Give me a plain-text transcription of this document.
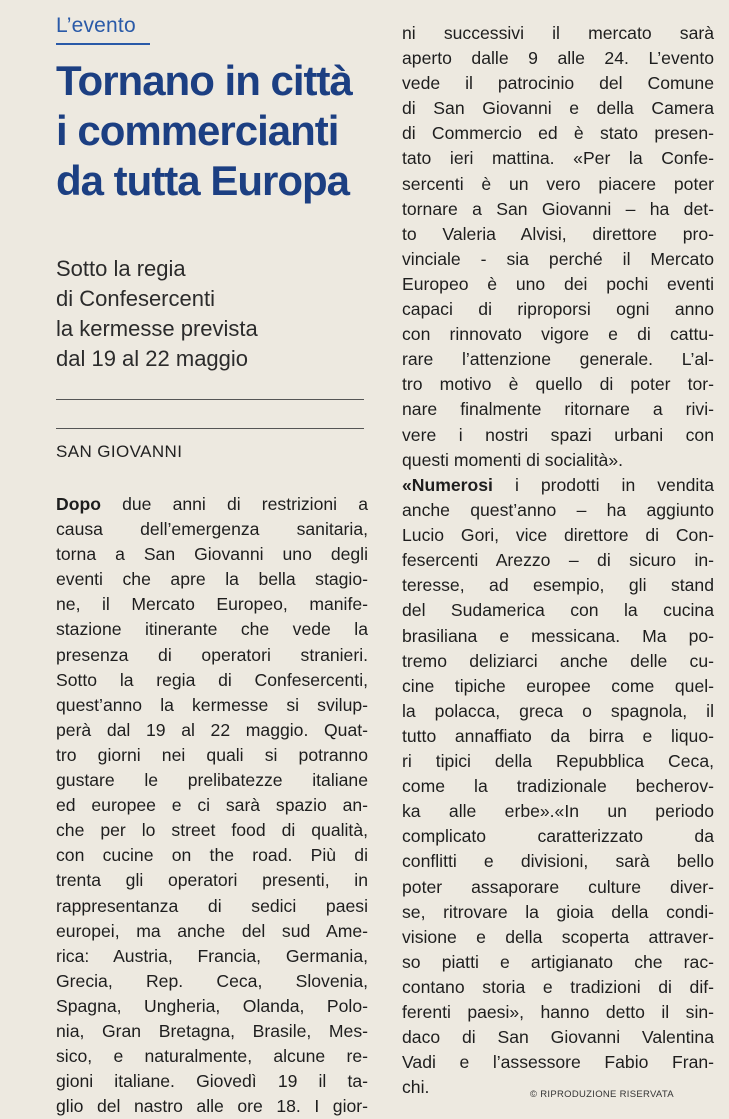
L’evento
Tornano in città
i commercianti
da tutta Europa
Sotto la regia
di Confesercenti
la kermesse prevista
dal 19 al 22 maggio
SAN GIOVANNI
Dopo due anni di restrizioni a
causa dell’emergenza sanitaria,
torna a San Giovanni uno degli
eventi che apre la bella stagio-
ne, il Mercato Europeo, manife-
stazione itinerante che vede la
presenza di operatori stranieri.
Sotto la regia di Confesercenti,
quest’anno la kermesse si svilup-
perà dal 19 al 22 maggio. Quat-
tro giorni nei quali si potranno
gustare le prelibatezze italiane
ed europee e ci sarà spazio an-
che per lo street food di qualità,
con cucine on the road. Più di
trenta gli operatori presenti, in
rappresentanza di sedici paesi
europei, ma anche del sud Ame-
rica: Austria, Francia, Germania,
Grecia, Rep. Ceca, Slovenia,
Spagna, Ungheria, Olanda, Polo-
nia, Gran Bretagna, Brasile, Mes-
sico, e naturalmente, alcune re-
gioni italiane. Giovedì 19 il ta-
glio del nastro alle ore 18. I gior-
ni successivi il mercato sarà
aperto dalle 9 alle 24. L’evento
vede il patrocinio del Comune
di San Giovanni e della Camera
di Commercio ed è stato presen-
tato ieri mattina. «Per la Confe-
sercenti è un vero piacere poter
tornare a San Giovanni – ha det-
to Valeria Alvisi, direttore pro-
vinciale - sia perché il Mercato
Europeo è uno dei pochi eventi
capaci di riproporsi ogni anno
con rinnovato vigore e di cattu-
rare l’attenzione generale. L’al-
tro motivo è quello di poter tor-
nare finalmente ritornare a rivi-
vere i nostri spazi urbani con
questi momenti di socialità».
«Numerosi i prodotti in vendita
anche quest’anno – ha aggiunto
Lucio Gori, vice direttore di Con-
fesercenti Arezzo – di sicuro in-
teresse, ad esempio, gli stand
del Sudamerica con la cucina
brasiliana e messicana. Ma po-
tremo deliziarci anche delle cu-
cine tipiche europee come quel-
la polacca, greca o spagnola, il
tutto annaffiato da birra e liquo-
ri tipici della Repubblica Ceca,
come la tradizionale becherov-
ka alle erbe».«In un periodo
complicato caratterizzato da
conflitti e divisioni, sarà bello
poter assaporare culture diver-
se, ritrovare la gioia della condi-
visione e della scoperta attraver-
so piatti e artigianato che rac-
contano storia e tradizioni di dif-
ferenti paesi», hanno detto il sin-
daco di San Giovanni Valentina
Vadi e l’assessore Fabio Fran-
chi.	© RIPRODUZIONE RISERVATA
